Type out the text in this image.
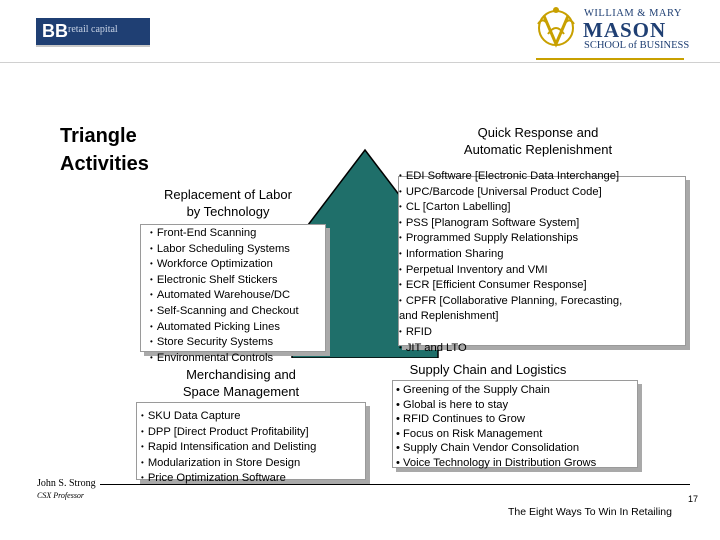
BB retail capital
WILLIAM & MARY
MASON
SCHOOL of BUSINESS
Triangle
Activities
Replacement of Labor
by Technology
• Front-End Scanning
• Labor Scheduling Systems
• Workforce Optimization
• Electronic Shelf Stickers
• Automated Warehouse/DC
• Self-Scanning and Checkout
• Automated Picking Lines
• Store Security Systems
• Environmental Controls
Quick Response and
Automatic Replenishment
• EDI Software [Electronic Data Interchange]
• UPC/Barcode [Universal Product Code]
• CL [Carton Labelling]
• PSS [Planogram Software System]
• Programmed Supply Relationships
• Information Sharing
• Perpetual Inventory and VMI
• ECR [Efficient Consumer Response]
• CPFR [Collaborative Planning, Forecasting,
and Replenishment]
• RFID
• JIT and LTO
Merchandising and
Space Management
• SKU Data Capture
• DPP [Direct Product Profitability]
• Rapid Intensification and Delisting
• Modularization in Store Design
• Price Optimization Software
Supply Chain and Logistics
• Greening of the Supply Chain
• Global is here to stay
• RFID Continues to Grow
• Focus on Risk Management
• Supply Chain Vendor Consolidation
• Voice Technology in Distribution Grows
John S. Strong
CSX Professor	17
The Eight Ways To Win In Retailing
